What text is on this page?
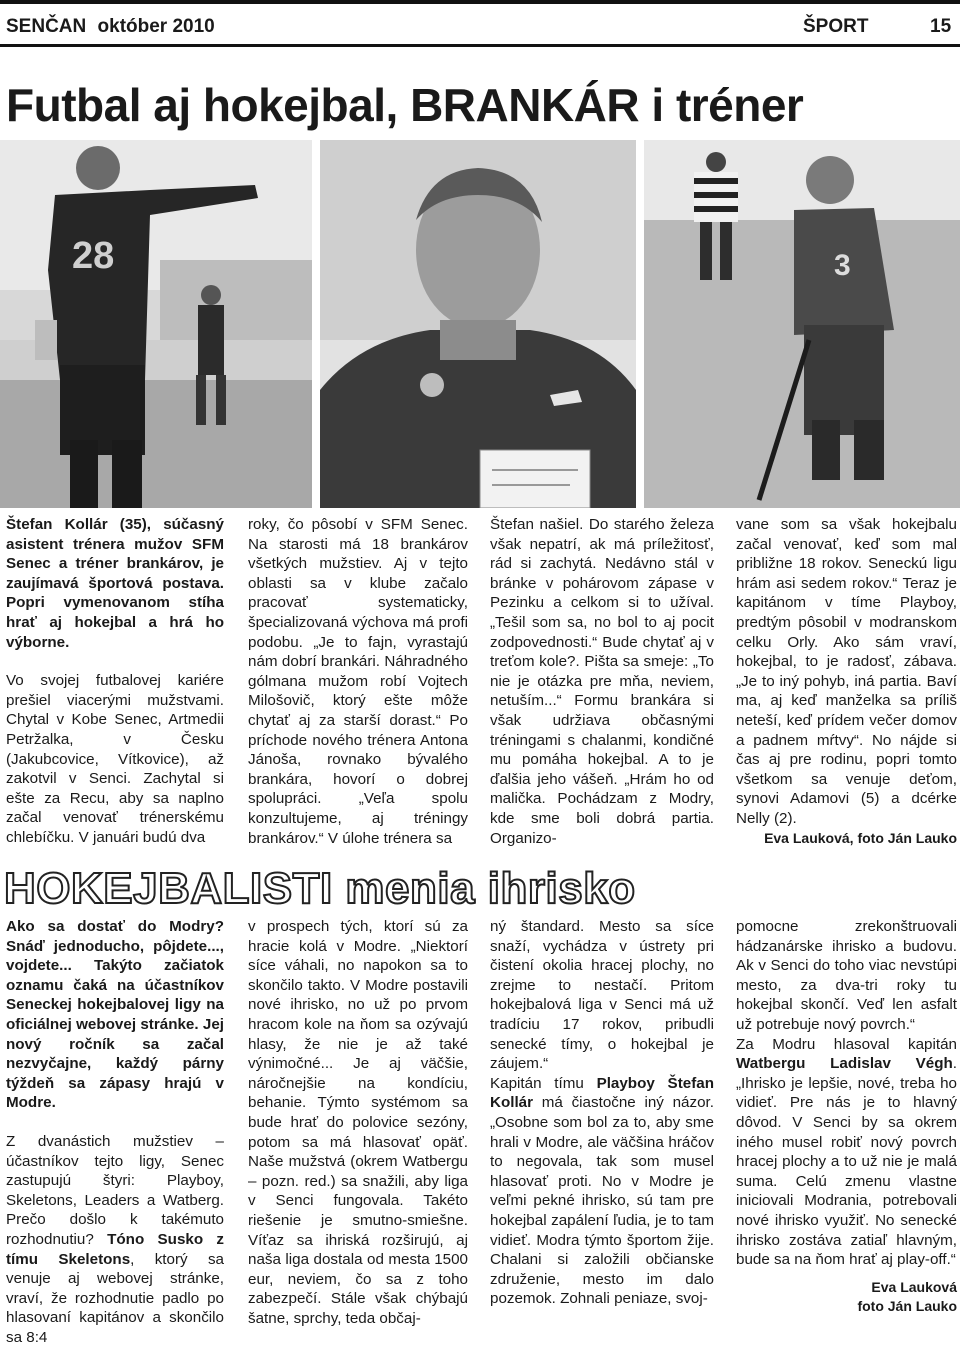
SENČAN október 2010	ŠPORT	15
Futbal aj hokejbal, BRANKÁR i tréner
28	3

Štefan Kollár (35), súčasný asistent trénera mužov SFM Senec a tréner brankárov, je zaujímavá športová postava. Popri vymenovanom stíha hrať aj hokejbal a hrá ho výborne.

Vo svojej futbalovej kariére prešiel viacerými mužstvami. Chytal v Kobe Senec, Artmedii Petržalka, v Česku (Jakubcovice, Vítkovice), až zakotvil v Senci. Zachytal si ešte za Recu, aby sa naplno začal venovať trénerskému chlebíčku. V januári budú dva

roky, čo pôsobí v SFM Senec. Na starosti má 18 brankárov všetkých mužstiev. Aj v tejto oblasti sa v klube začalo pracovať systematicky, špecializovaná výchova má profi podobu. „Je to fajn, vyrastajú nám dobrí brankári. Náhradného gólmana mužom robí Vojtech Milošovič, ktorý ešte môže chytať aj za starší dorast.“ Po príchode nového trénera Antona Jánoša, rovnako bývalého brankára, hovorí o dobrej spolupráci. „Veľa spolu konzultujeme, aj tréningy brankárov.“ V úlohe trénera sa

Štefan našiel. Do starého železa však nepatrí, ak má príležitosť, rád si zachytá. Nedávno stál v bránke v pohárovom zápase v Pezinku a celkom si to užíval. „Tešil som sa, no bol to aj pocit zodpovednosti.“ Bude chytať aj v treťom kole?. Pišta sa smeje: „To nie je otázka pre mňa, neviem, netuším...“ Formu brankára si však udržiava občasnými tréningami s chalanmi, kondičné mu pomáha hokejbal. A to je ďalšia jeho vášeň. „Hrám ho od malička. Pochádzam z Modry, kde sme boli dobrá partia. Organizo-

vane som sa však hokejbalu začal venovať, keď som mal približne 18 rokov. Seneckú ligu hrám asi sedem rokov.“ Teraz je kapitánom v tíme Playboy, predtým pôsobil v modranskom celku Orly. Ako sám vraví, hokejbal, to je radosť, zábava. „Je to iný pohyb, iná partia. Baví ma, aj keď manželka sa príliš neteší, keď prídem večer domov a padnem mŕtvy“. No nájde si čas aj pre rodinu, popri tomto všetkom sa venuje deťom, synovi Adamovi (5) a dcérke Nelly (2).

Eva Lauková, foto Ján Lauko

HOKEJBALISTI menia ihrisko

Ako sa dostať do Modry? Snáď jednoducho, pôjdete..., vojdete... Takýto začiatok oznamu čaká na účastníkov Seneckej hokejbalovej ligy na oficiálnej webovej stránke. Jej nový ročník sa začal nezvyčajne, každý párny týždeň sa zápasy hrajú v Modre.

Z dvanástich mužstiev – účastníkov tejto ligy, Senec zastupujú štyri: Playboy, Skeletons, Leaders a Watberg. Prečo došlo k takémuto rozhodnutiu? Tóno Susko z tímu Skeletons, ktorý sa venuje aj webovej stránke, vraví, že rozhodnutie padlo po hlasovaní kapitánov a skončilo sa 8:4

v prospech tých, ktorí sú za hracie kolá v Modre. „Niektorí síce váhali, no napokon sa to skončilo takto. V Modre postavili nové ihrisko, no už po prvom hracom kole na ňom sa ozývajú hlasy, že nie je až také výnimočné... Je aj väčšie, náročnejšie na kondíciu, behanie. Týmto systémom sa bude hrať do polovice sezóny, potom sa má hlasovať opäť. Naše mužstvá (okrem Watbergu – pozn. red.) sa snažili, aby liga v Senci fungovala. Takéto riešenie je smutno-smiešne. Víťaz sa ihriská rozširujú, aj naša liga dostala od mesta 1500 eur, neviem, čo sa z toho zabezpečí. Stále však chýbajú šatne, sprchy, teda občaj-

ný štandard. Mesto sa síce snaží, vychádza v ústrety pri čistení okolia hracej plochy, no zrejme to nestačí. Pritom hokejbalová liga v Senci má už tradíciu 17 rokov, pribudli senecké tímy, o hokejbal je záujem.“

Kapitán tímu Playboy Štefan Kollár má čiastočne iný názor. „Osobne som bol za to, aby sme hrali v Modre, ale väčšina hráčov to negovala, tak som musel hlasovať proti. No v Modre je veľmi pekné ihrisko, sú tam pre hokejbal zapálení ľudia, je to tam vidieť. Modra týmto športom žije. Chalani si založili občianske združenie, mesto im dalo pozemok. Zohnali peniaze, svoj-

pomocne zrekonštruovali hádzanárske ihrisko a budovu. Ak v Senci do toho viac nevstúpi mesto, za dva-tri roky tu hokejbal skončí. Veď len asfalt už potrebuje nový povrch.“

Za Modru hlasoval kapitán Watbergu Ladislav Végh. „Ihrisko je lepšie, nové, treba ho vidieť. Pre nás je to hlavný dôvod. V Senci by sa okrem iného musel robiť nový povrch hracej plochy a to už nie je malá suma. Celú zmenu vlastne iniciovali Modrania, potrebovali nové ihrisko využiť. No senecké ihrisko zostáva zatiaľ hlavným, bude sa na ňom hrať aj play-off.“

Eva Lauková

foto Ján Lauko
